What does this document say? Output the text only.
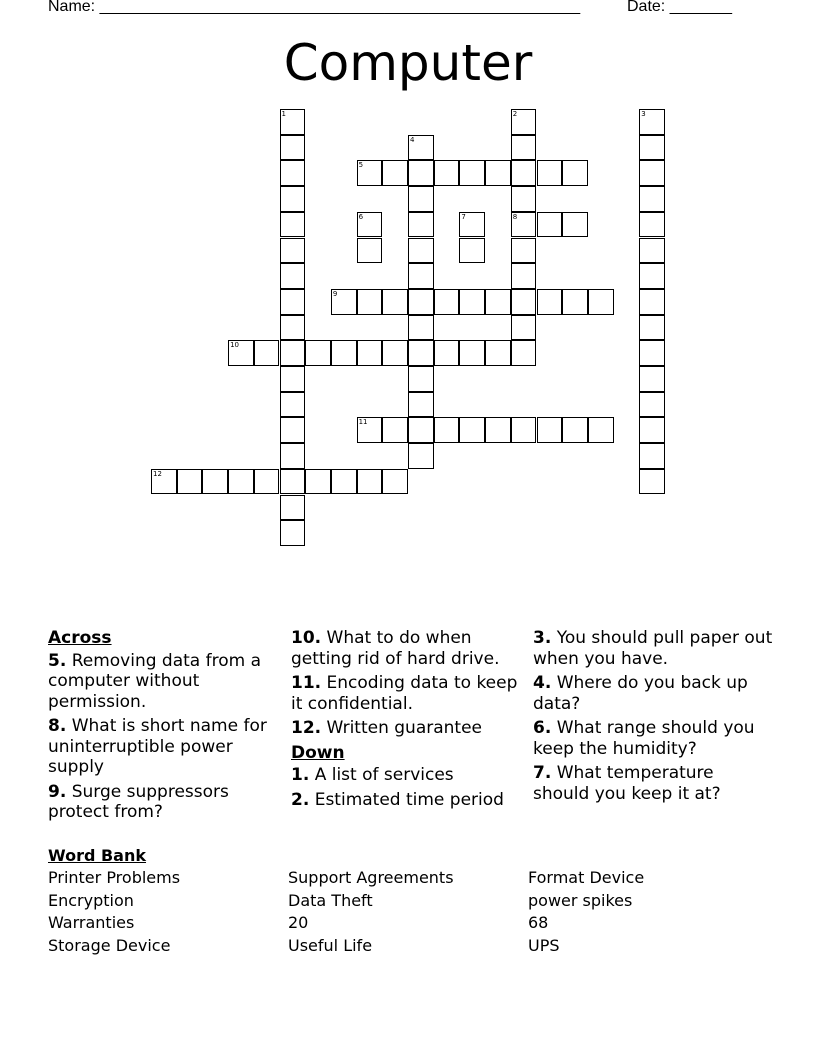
Name: ______________________________________________________	Date: _______
Computer
1	2
8
3
4
5
6	7
9
10
11
12
Across
5. Removing data from a computer without permission.
8. What is short name for uninterruptible power supply
9. Surge suppressors protect from?
10. What to do when getting rid of hard drive.
11. Encoding data to keep it confidential.
12. Written guarantee
Down
1. A list of services
2. Estimated time period
3. You should pull paper out when you have.
4. Where do you back up data?
6. What range should you keep the humidity?
7. What temperature should you keep it at?
Word Bank
Printer Problems	Support Agreements	Format Device
Encryption	Data Theft	power spikes
Warranties	20	68
Storage Device	Useful Life	UPS
